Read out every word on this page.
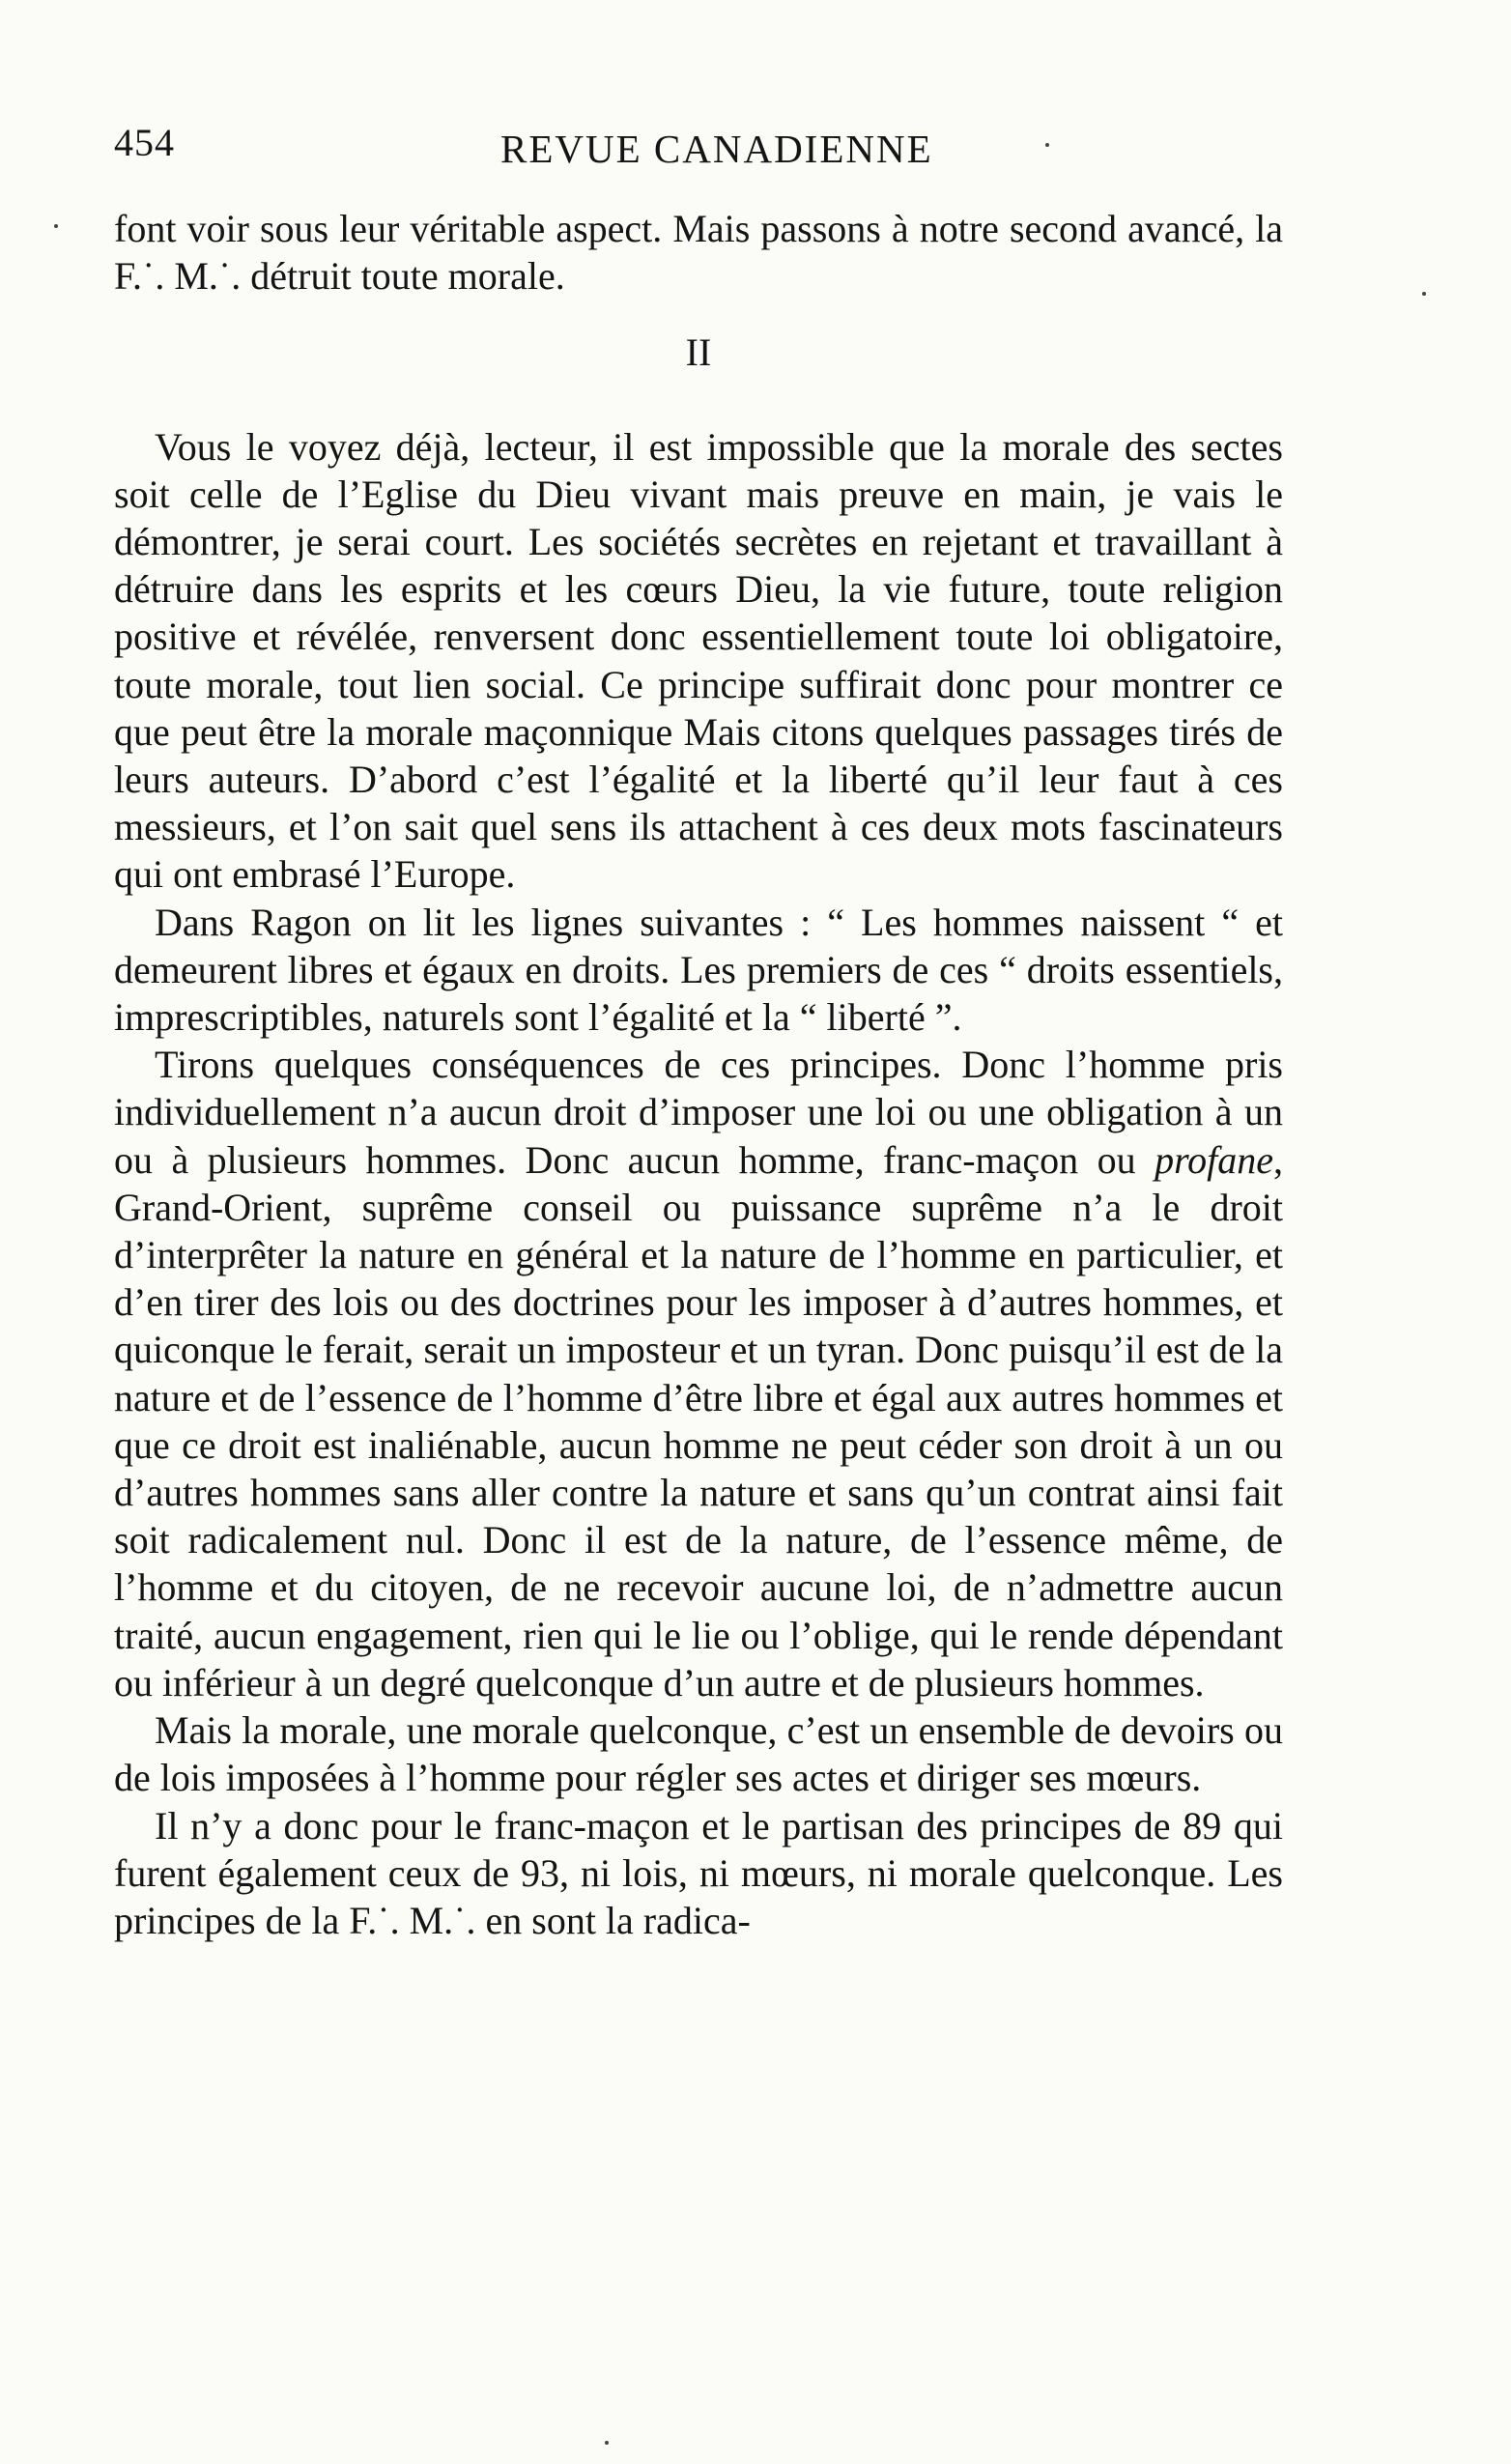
454	REVUE CANADIENNE

font voir sous leur véritable aspect. Mais passons à notre second avancé, la F.˙. M.˙. détruit toute morale.

II

Vous le voyez déjà, lecteur, il est impossible que la morale des sectes soit celle de l’Eglise du Dieu vivant mais preuve en main, je vais le démontrer, je serai court. Les sociétés secrètes en rejetant et travaillant à détruire dans les esprits et les cœurs Dieu, la vie future, toute religion positive et révélée, renversent donc essentiellement toute loi obligatoire, toute morale, tout lien social. Ce principe suffirait donc pour montrer ce que peut être la morale maçonnique Mais citons quelques passages tirés de leurs auteurs. D’abord c’est l’égalité et la liberté qu’il leur faut à ces messieurs, et l’on sait quel sens ils attachent à ces deux mots fascinateurs qui ont embrasé l’Europe.

Dans Ragon on lit les lignes suivantes : “ Les hommes naissent “ et demeurent libres et égaux en droits. Les premiers de ces “ droits essentiels, imprescriptibles, naturels sont l’égalité et la “ liberté ”.

Tirons quelques conséquences de ces principes. Donc l’homme pris individuellement n’a aucun droit d’imposer une loi ou une obligation à un ou à plusieurs hommes. Donc aucun homme, franc-maçon ou profane, Grand-Orient, suprême conseil ou puissance suprême n’a le droit d’interprêter la nature en général et la nature de l’homme en particulier, et d’en tirer des lois ou des doctrines pour les imposer à d’autres hommes, et quiconque le ferait, serait un imposteur et un tyran. Donc puisqu’il est de la nature et de l’essence de l’homme d’être libre et égal aux autres hommes et que ce droit est inaliénable, aucun homme ne peut céder son droit à un ou d’autres hommes sans aller contre la nature et sans qu’un contrat ainsi fait soit radicalement nul. Donc il est de la nature, de l’essence même, de l’homme et du citoyen, de ne recevoir aucune loi, de n’admettre aucun traité, aucun engagement, rien qui le lie ou l’oblige, qui le rende dépendant ou inférieur à un degré quelconque d’un autre et de plusieurs hommes.

Mais la morale, une morale quelconque, c’est un ensemble de devoirs ou de lois imposées à l’homme pour régler ses actes et diriger ses mœurs.

Il n’y a donc pour le franc-maçon et le partisan des principes de 89 qui furent également ceux de 93, ni lois, ni mœurs, ni morale quelconque. Les principes de la F.˙. M.˙. en sont la radica-
